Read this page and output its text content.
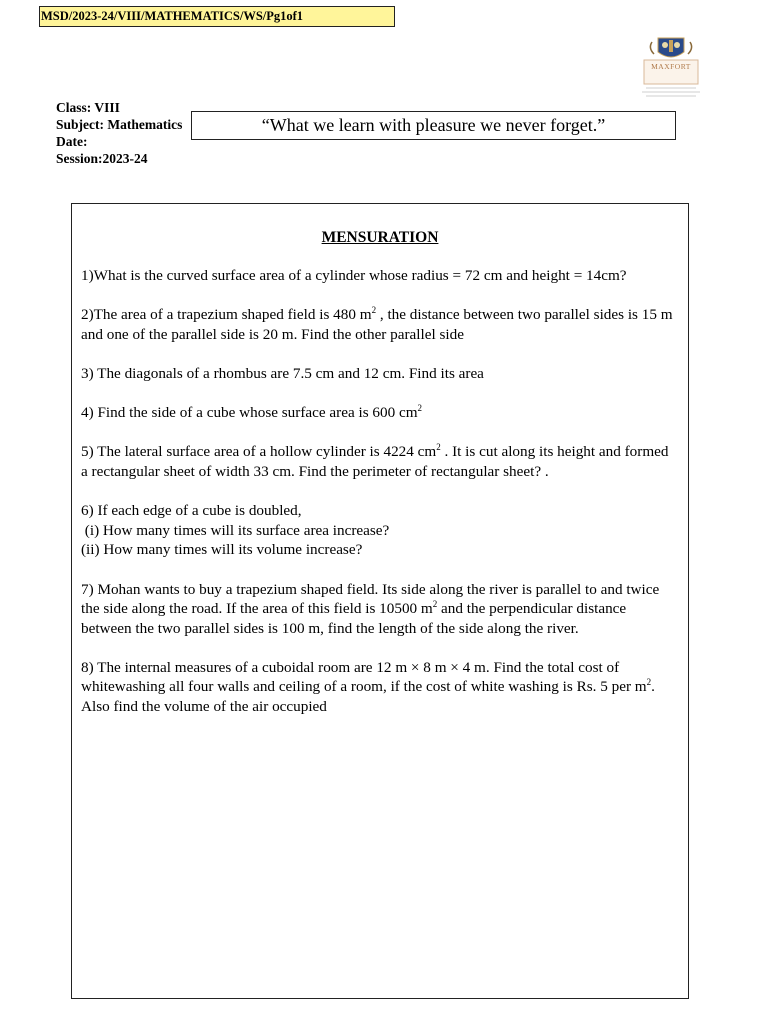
MSD/2023-24/VIII/MATHEMATICS/WS/Pg1of1
MAXFORT
Class: VIII
Subject: Mathematics
Date:
Session:2023-24
“What we learn with pleasure we never forget.”
MENSURATION
1)What is the curved surface area of a cylinder whose radius = 72 cm and height = 14cm?
2)The area of a trapezium shaped field is 480 $m^2$ , the distance between two parallel sides is 15 m and one of the parallel side is 20 m. Find the other parallel side
3) The diagonals of a rhombus are 7.5 cm and 12 cm. Find its area
4) Find the side of a cube whose surface area is 600 $cm^2$
5) The lateral surface area of a hollow cylinder is 4224 $cm^2$ . It is cut along its height and formed a rectangular sheet of width 33 cm. Find the perimeter of rectangular sheet? .

6) If each edge of a cube is doubled,

(i) How many times will its surface area increase?

(ii) How many times will its volume increase?

7) Mohan wants to buy a trapezium shaped field. Its side along the river is parallel to and twice the side along the road. If the area of this field is 10500 $m^2$ and the perpendicular distance between the two parallel sides is 100 m, find the length of the side along the river.
8) The internal measures of a cuboidal room are 12 m × 8 m × 4 m. Find the total cost of whitewashing all four walls and ceiling of a room, if the cost of white washing is Rs. 5 per $m^2$. Also find the volume of the air occupied
